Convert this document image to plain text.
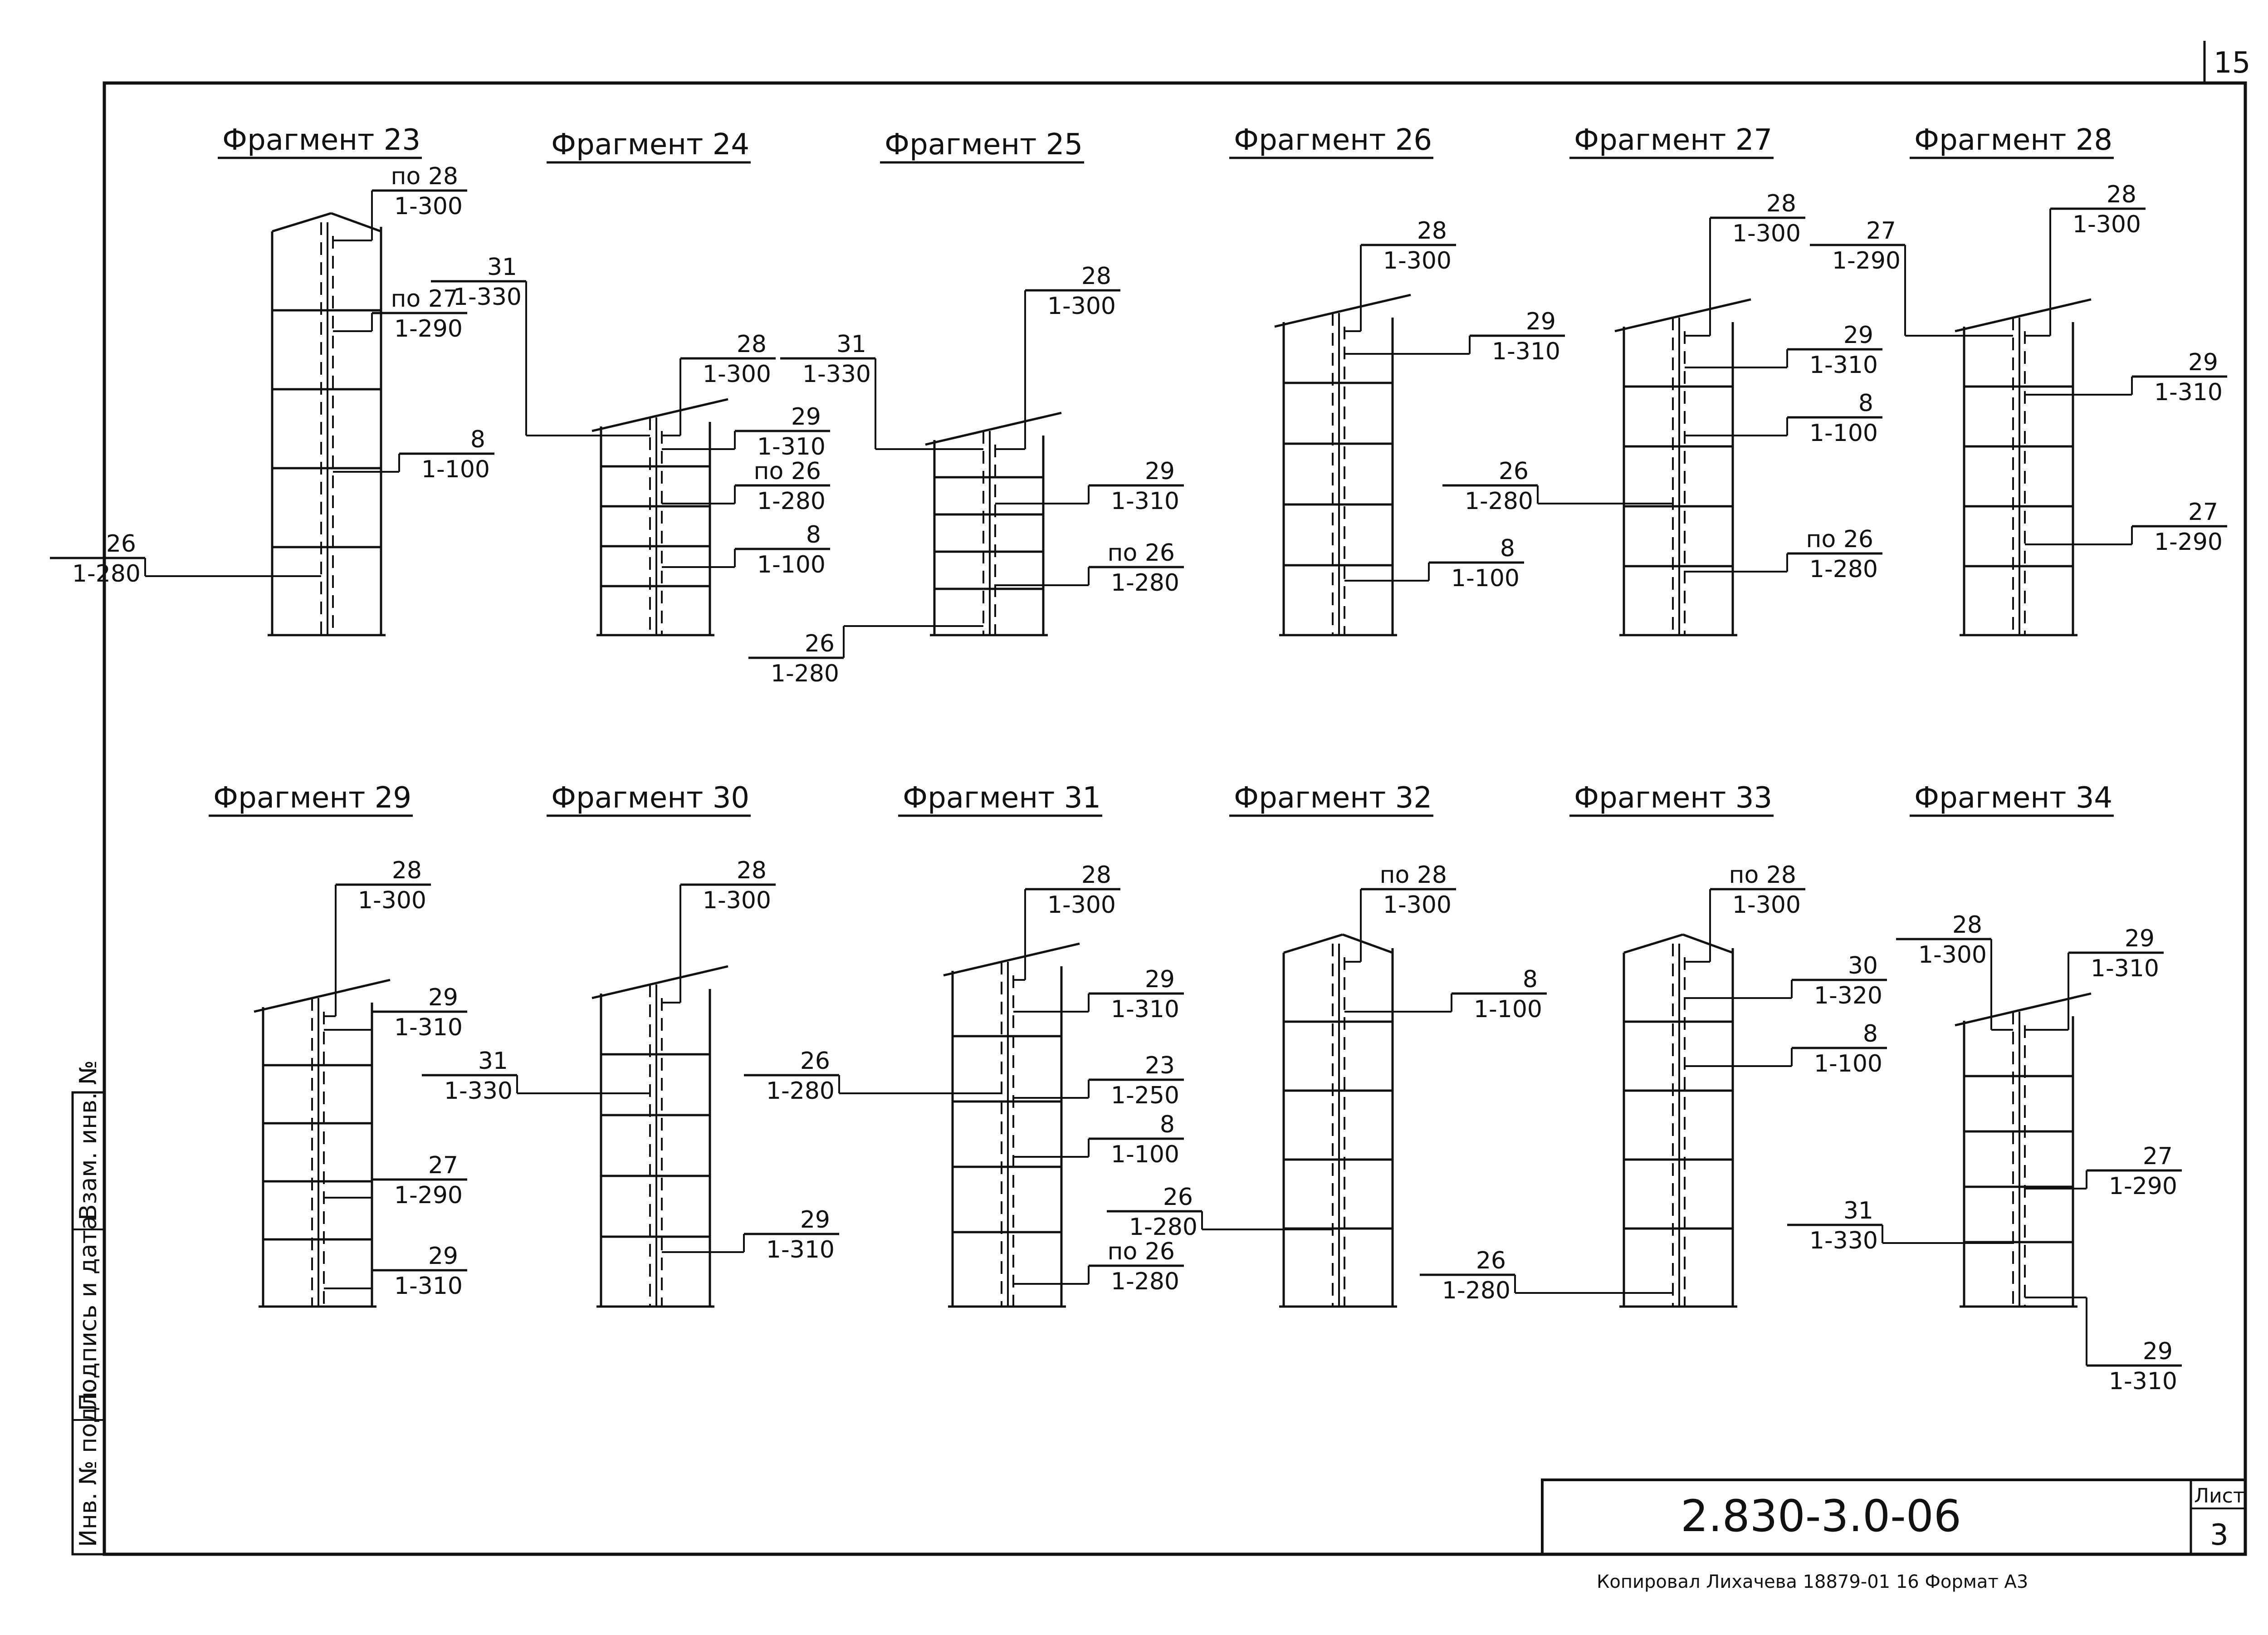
15
Инв. № подл.
Подпись и дата
Взам. инв. №
2.830-3.0-06	Лист
3
Копировал Лихачева 18879-01 16 Формат А3
Фрагмент 23
по 28
1-300
по 27
1-290
8
1-100
26
1-280
Фрагмент 24
31
1-330
28
1-300
29
1-310
по 26
1-280
8
1-100
Фрагмент 25
28
1-300
31
1-330
29
1-310
по 26
1-280
26
1-280
Фрагмент 26
28
1-300
29
1-310
8
1-100
Фрагмент 27
28
1-300
29
1-310
8
1-100
26
1-280
по 26
1-280
Фрагмент 28
27
1-290
28
1-300
29
1-310
27
1-290
Фрагмент 29
28
1-300
29
1-310
27
1-290
29
1-310
Фрагмент 30
28
1-300
31
1-330
29
1-310
Фрагмент 31
28
1-300
29
1-310
26
1-280
23
1-250
8
1-100
по 26
1-280
Фрагмент 32
по 28
1-300
8
1-100
26
1-280
Фрагмент 33
по 28
1-300
30
1-320
8
1-100
26
1-280
Фрагмент 34
28
1-300
29
1-310
27
1-290
31
1-330
29
1-310
